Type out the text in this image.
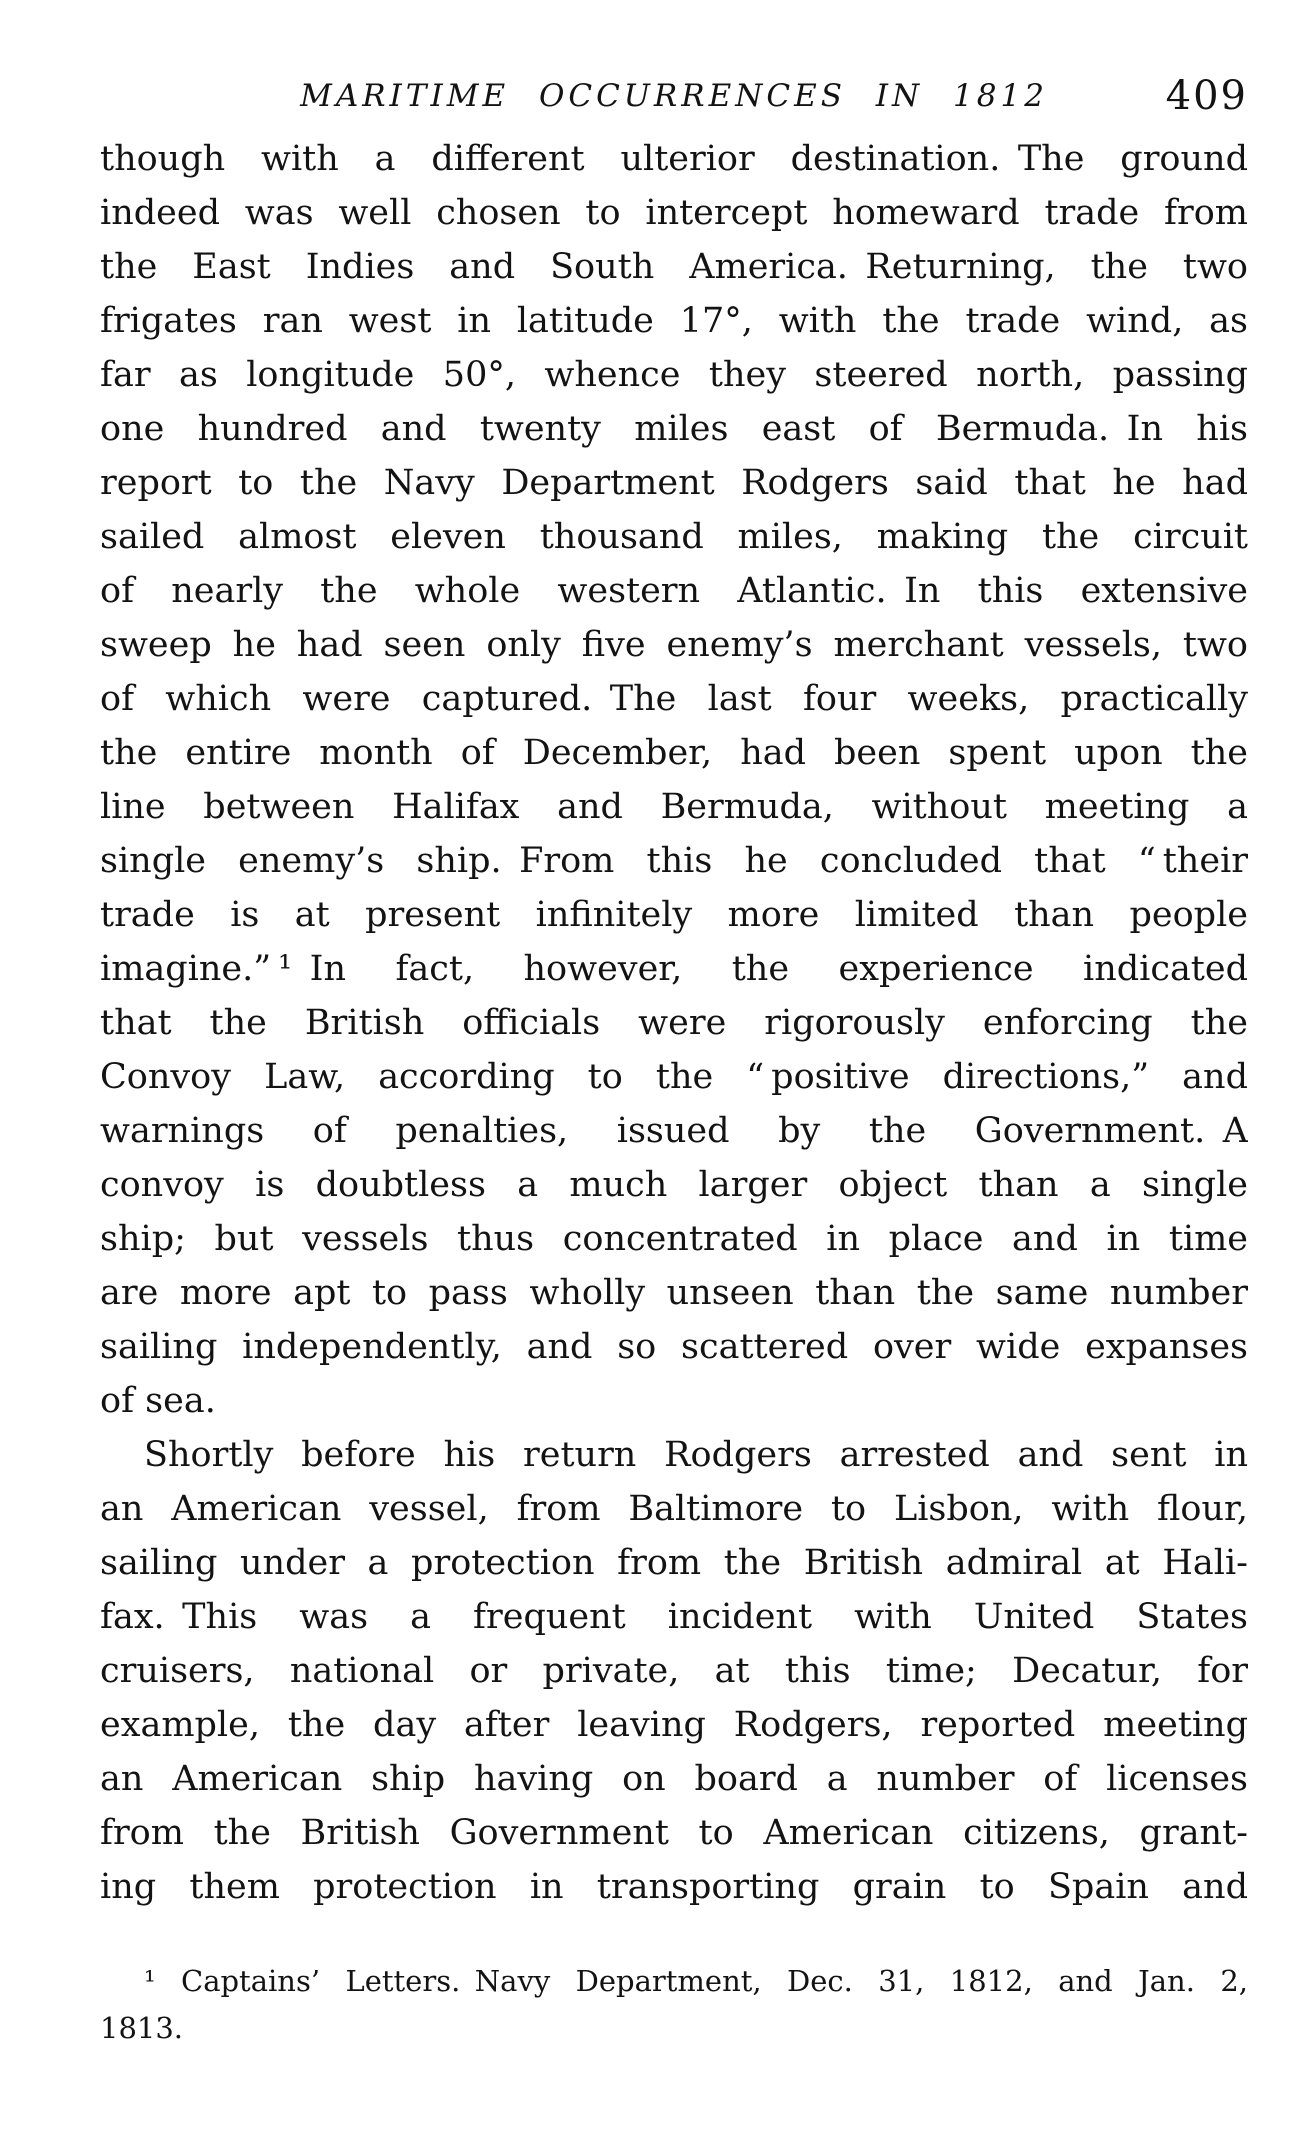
MARITIME OCCURRENCES IN 1812	409
though with a different ulterior destination. The ground
indeed was well chosen to intercept homeward trade from
the East Indies and South America. Returning, the two
frigates ran west in latitude 17°, with the trade wind, as
far as longitude 50°, whence they steered north, passing
one hundred and twenty miles east of Bermuda. In his
report to the Navy Department Rodgers said that he had
sailed almost eleven thousand miles, making the circuit
of nearly the whole western Atlantic. In this extensive
sweep he had seen only five enemy’s merchant vessels, two
of which were captured. The last four weeks, practically
the entire month of December, had been spent upon the
line between Halifax and Bermuda, without meeting a
single enemy’s ship. From this he concluded that “ their
trade is at present infinitely more limited than people
imagine.” ¹ In fact, however, the experience indicated
that the British officials were rigorously enforcing the
Convoy Law, according to the “ positive directions,” and
warnings of penalties, issued by the Government. A
convoy is doubtless a much larger object than a single
ship; but vessels thus concentrated in place and in time
are more apt to pass wholly unseen than the same number
sailing independently, and so scattered over wide expanses
of sea.
Shortly before his return Rodgers arrested and sent in
an American vessel, from Baltimore to Lisbon, with flour,
sailing under a protection from the British admiral at Hali-
fax. This was a frequent incident with United States
cruisers, national or private, at this time; Decatur, for
example, the day after leaving Rodgers, reported meeting
an American ship having on board a number of licenses
from the British Government to American citizens, grant-
ing them protection in transporting grain to Spain and
¹ Captains’ Letters. Navy Department, Dec. 31, 1812, and Jan. 2,
1813.
